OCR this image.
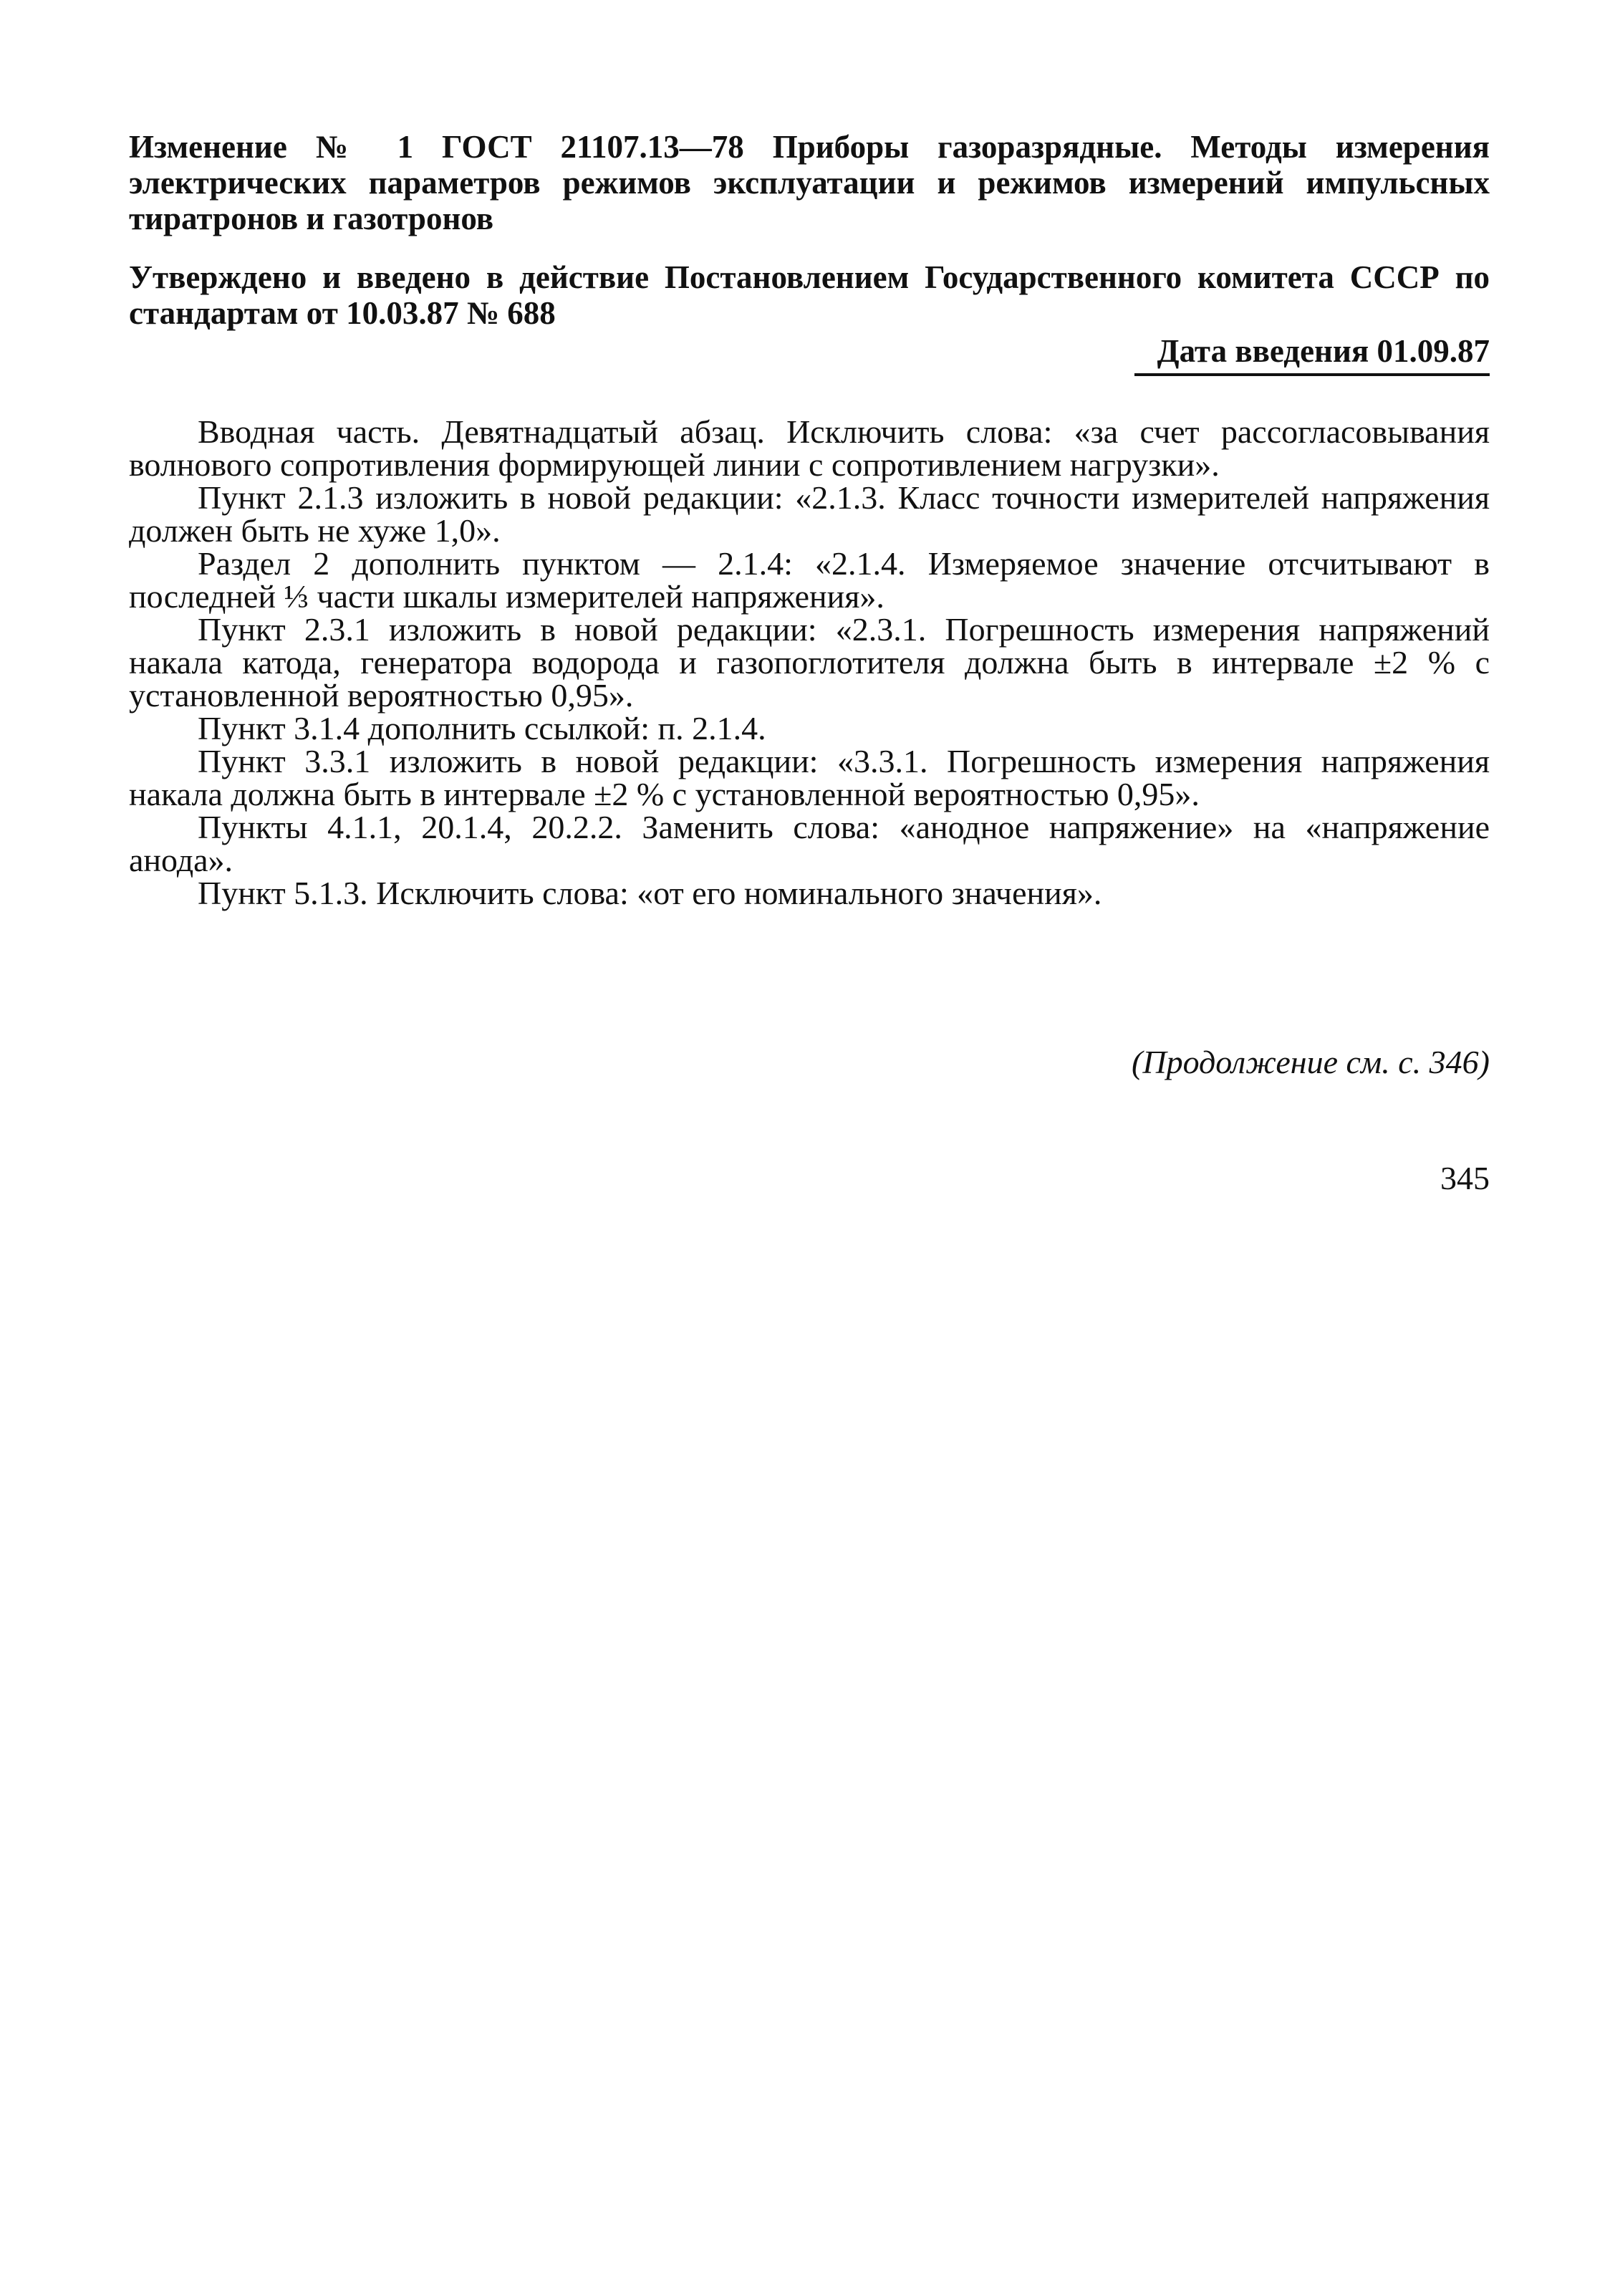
Изменение № 1 ГОСТ 21107.13—78 Приборы газоразрядные. Методы измерения электрических параметров режимов эксплуатации и режимов измерений импульсных тиратронов и газотронов
Утверждено и введено в действие Постановлением Государственного комитета СССР по стандартам от 10.03.87 № 688
Дата введения 01.09.87

Вводная часть. Девятнадцатый абзац. Исключить слова: «за счет рассогласовывания волнового сопротивления формирующей линии с сопротивлением нагрузки».

Пункт 2.1.3 изложить в новой редакции: «2.1.3. Класс точности измерителей напряжения должен быть не хуже 1,0».

Раздел 2 дополнить пунктом — 2.1.4: «2.1.4. Измеряемое значение отсчитывают в последней ⅓ части шкалы измерителей напряжения».

Пункт 2.3.1 изложить в новой редакции: «2.3.1. Погрешность измерения напряжений накала катода, генератора водорода и газопоглотителя должна быть в интервале ±2 % с установленной вероятностью 0,95».

Пункт 3.1.4 дополнить ссылкой: п. 2.1.4.

Пункт 3.3.1 изложить в новой редакции: «3.3.1. Погрешность измерения напряжения накала должна быть в интервале ±2 % с установленной вероятностью 0,95».

Пункты 4.1.1, 20.1.4, 20.2.2. Заменить слова: «анодное напряжение» на «напряжение анода».

Пункт 5.1.3. Исключить слова: «от его номинального значения».

(Продолжение см. с. 346)
345
